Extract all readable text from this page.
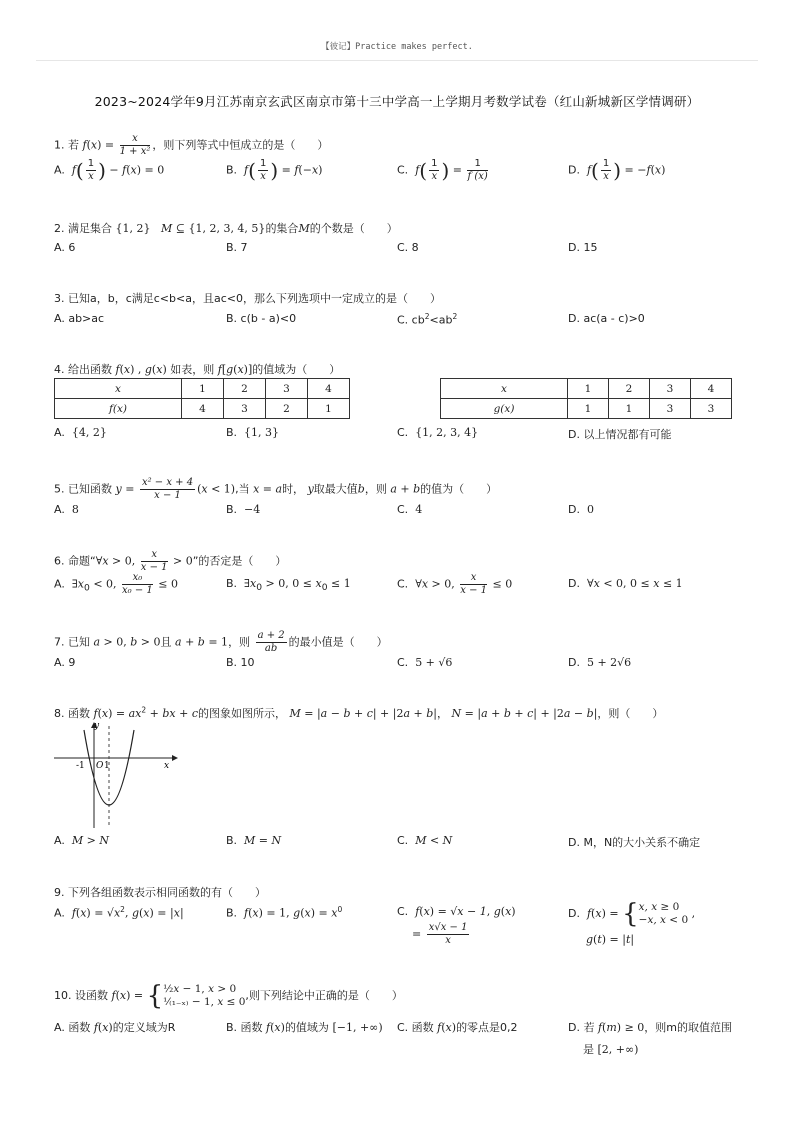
【彼记】Practice makes perfect.
2023~2024学年9月江苏南京玄武区南京市第十三中学高一上学期月考数学试卷（红山新城新区学情调研）
1. 若 $f(x) = \frac{x}{\text{1 + x²}}$ ，则下列等式中恒成立的是（　　）
A. $f( \frac{1}{x}$ ) − f(x) = 0	B. $f( \frac{1}{x}$ ) = f(−x)	C. $f( \frac{1}{x}$ ) = $\frac{1}{f (x)}$	D. $f( \frac{1}{x}$ ) = −f(x)
2. 满足集合 {1, 2}   M ⊆ {1, 2, 3, 4, 5}的集合M的个数是（　　）
A. 6	B. 7	C. 8	D. 15
3. 已知a，b，c满足c<b<a，且ac<0，那么下列选项中一定成立的是（　　）
A. ab>ac	B. c(b - a)<0	C. $cb^2<ab^2$	D. ac(a - c)>0
4. 给出函数 f(x) , g(x) 如表，则 f[g(x)]的值域为（　　）
x	1	2	3	4
f(x)	4	3	2	1
x	1	2	3	4
g(x)	1	1	3	3
A. {4, 2}	B. {1, 3}	C. {1, 2, 3, 4}	D. 以上情况都有可能
5. 已知函数 $y = \frac{\text{x² − x + 4}}{x - 1} (x < 1)$,当 x = a时， y取最大值b，则 a + b的值为（　　）
A. 8	B. −4	C. 4	D. 0
6. 命题“∀x > 0, $\frac{x}{x - 1} > 0$”的否定是（　　）
A. $\exists x_0 < 0$, $\frac{\text{x₀}}{\text{x₀ − 1}} \le 0$	B. $\exists x_0 > 0$, $0 \le x_0 \le 1$	C. ∀x > 0, $\frac{x}{x - 1} \le 0$	D. ∀x < 0, 0 ≤ x ≤ 1
7. 已知 a > 0, b > 0且 a + b = 1，则 $\frac{a + 2}{ab}$ 的最小值是（　　）
A. 9	B. 10	C. 5 + √6	D. 5 + 2√6
8. 函数 $f(x) = ax^2$ + bx + c的图象如图所示， M = |a − b + c| + |2a + b|， N = |a + b + c| + |2a − b|，则（　　）
y
x
-1 O 1
A. M > N	B. M = N	C. M < N	D. M，N的大小关系不确定
9. 下列各组函数表示相同函数的有（　　）
A. $f(x) = √x^2$, g(x) = |x|	B. f(x) = 1, $g(x) = x^0$	C. f(x) = √x − 1, g(x)
= $\frac{x√x - 1}{x}$
D. f(x) = {x, x ≥ 0
−x, x < 0 ,
g(t) = |t|
10. 设函数 f(x) = {½x − 1, x > 0
¹⁄₍₁₋ₓ₎ − 1, x ≤ 0,则下列结论中正确的是（　　）
A. 函数 f(x)的定义域为R	B. 函数 f(x)的值域为 [−1, +∞) C. 函数 f(x)的零点是0,2	D. 若 f(m) ≥ 0，则m的取值范围
是 [2, +∞)
